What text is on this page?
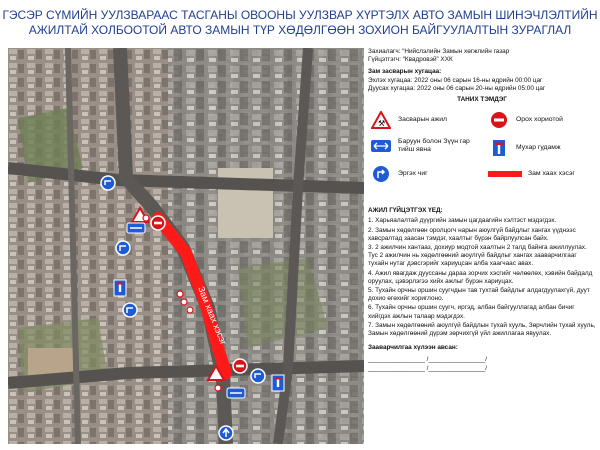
ГЭСЭР СҮМИЙН УУЛЗВАРААС ТАСГАНЫ ОВООНЫ УУЛЗВАР ХҮРТЭЛХ АВТО ЗАМЫН ШИНЭЧЛЭЛТИЙН
АЖИЛТАЙ ХОЛБООТОЙ АВТО ЗАМЫН ТҮР ХӨДӨЛГӨӨН ЗОХИОН БАЙГУУЛАЛТЫН ЗУРАГЛАЛ
Зам хаах хэсэг

Захиалагч: “Нийслэлийн Замын хөгжлийн газар

Гүйцэтгэгч: “Квадровэй” ХХК

Зам засварын хугацаа:

Эхлэх хугацаа: 2022 оны 06 сарын 16-ны өдрийн 00:00 цаг

Дуусах хугацаа: 2022 оны 06 сарын 20-ны өдрийн 05:00 цаг

ТАНИХ ТЭМДЭГ

⚒ Засварын ажил	Орох хориотой
Баруун болон Зүүн гар тийш явна	Мухар гудамж
Эргэх чиг	Зам хаах хэсэг

АЖИЛ ГҮЙЦЭТГЭХ ҮЕД:

1. Харьяалалтай дүүргийн замын цагдаагийн хэлтэст мэдэгдэх.

2. Замын хөдөлгөөн оролцогч нарын аюулгүй байдлыг хангах үүднээс хавсралтад заасан тэмдэг, хаалтыг бүрэн байрлуулсан байх.

3. 2 ажилчин хантааз, дохиур модтой хаалтын 2 талд байнга ажиллуулах. Тус 2 ажилчин нь хөдөлгөөний аюулгүй байдлыг хангах зааварчилгааг тухайн нутаг дэвсгэрийг хариуцсан алба хаагчаас авах.

4. Ажил явагдаж дууссаны дараа зорчих хэсгийг чөлөөлөх, хэвийн байдалд оруулах, цэвэрлэгээ хийх ажлыг бүрэн хариуцах.

5. Тухайн орчны оршин суугчдын тав тухтай байдлыг алдагдуулахгүй, дуут дохио өгөхийг хориглоно.

6. Тухайн орчны оршин суугч, иргэд, албан байгууллагад албан бичиг хийгдэх ажлын талаар мэдэгдэх.

7. Замын хөдөлгөөний аюулгүй байдлын тухай хууль, Зөрчлийн тухай хууль, Замын хөдөлгөөний дүрэм зөрчихгүй үйл ажиллагаа явуулах.

Зааварчилгаа хүлээн авсан:

________________ /________________/

________________ /________________/
